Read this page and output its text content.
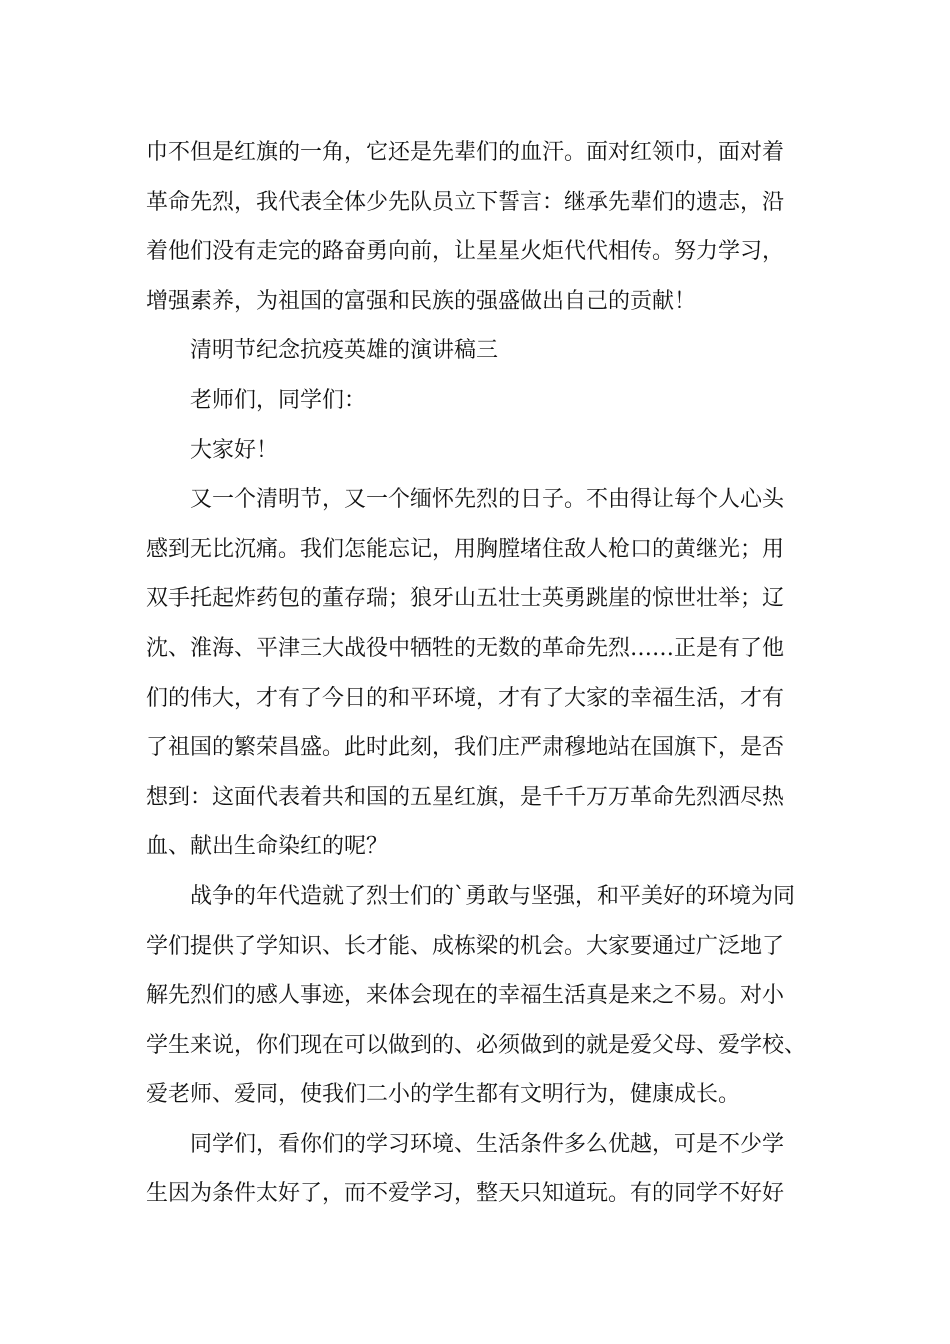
巾不但是红旗的一角，它还是先辈们的血汗。面对红领巾，面对着
革命先烈，我代表全体少先队员立下誓言：继承先辈们的遗志，沿
着他们没有走完的路奋勇向前，让星星火炬代代相传。努力学习，
增强素养，为祖国的富强和民族的强盛做出自己的贡献！
清明节纪念抗疫英雄的演讲稿三
老师们，同学们：
大家好！
又一个清明节，又一个缅怀先烈的日子。不由得让每个人心头
感到无比沉痛。我们怎能忘记，用胸膛堵住敌人枪口的黄继光；用
双手托起炸药包的董存瑞；狼牙山五壮士英勇跳崖的惊世壮举；辽
沈、淮海、平津三大战役中牺牲的无数的革命先烈……正是有了他
们的伟大，才有了今日的和平环境，才有了大家的幸福生活，才有
了祖国的繁荣昌盛。此时此刻，我们庄严肃穆地站在国旗下，是否
想到：这面代表着共和国的五星红旗，是千千万万革命先烈洒尽热
血、献出生命染红的呢？
战争的年代造就了烈士们的`勇敢与坚强，和平美好的环境为同
学们提供了学知识、长才能、成栋梁的机会。大家要通过广泛地了
解先烈们的感人事迹，来体会现在的幸福生活真是来之不易。对小
学生来说，你们现在可以做到的、必须做到的就是爱父母、爱学校、
爱老师、爱同，使我们二小的学生都有文明行为，健康成长。
同学们，看你们的学习环境、生活条件多么优越，可是不少学
生因为条件太好了，而不爱学习，整天只知道玩。有的同学不好好
